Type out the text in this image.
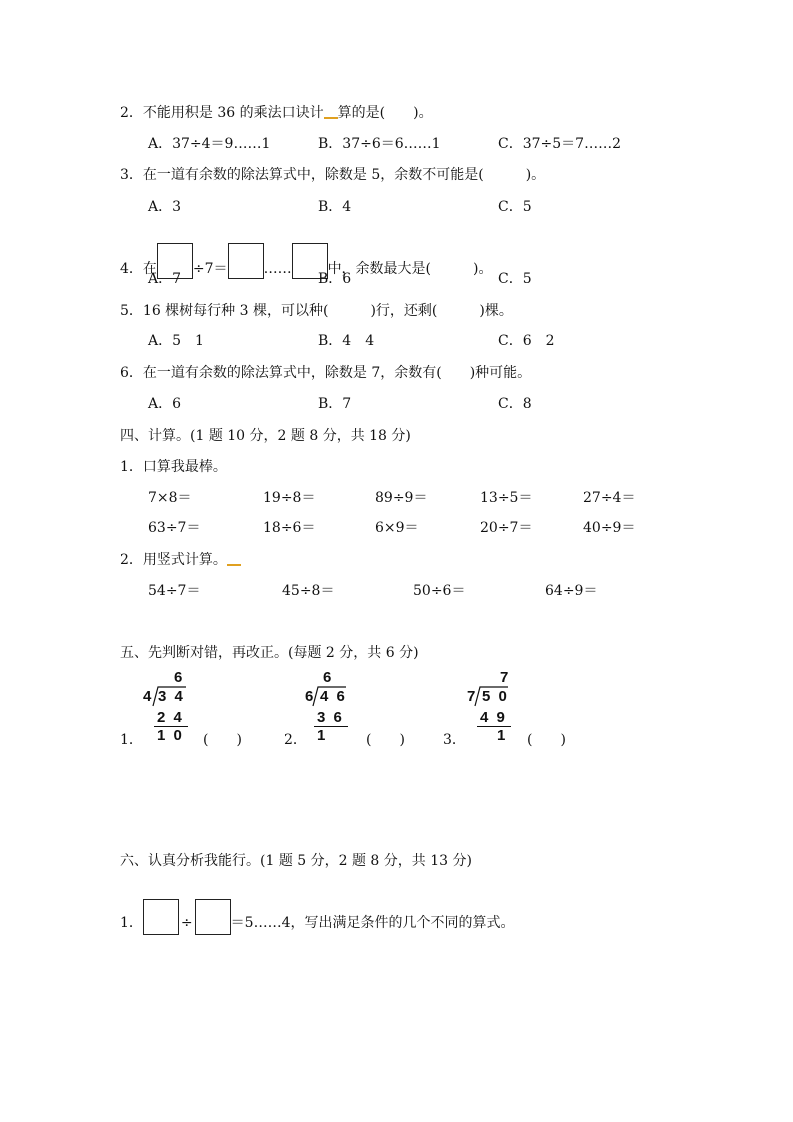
2．不能用积是 36 的乘法口诀计 算的是(　　)。
A．37÷4＝9……1	B．37÷6＝6……1	C．37÷5＝7……2
3．在一道有余数的除法算式中，除数是 5，余数不可能是(　　　)。
A．3	B．4	C．5
4．在	÷7＝	……	中，余数最大是(　　　)。
A．7	B．6	C．5
5．16 棵树每行种 3 棵，可以种(　　　)行，还剩(　　　)棵。
A．5　1	B．4　4	C．6　2
6．在一道有余数的除法算式中，除数是 7，余数有(　　)种可能。
A．6	B．7	C．8
四、计算。(1 题 10 分，2 题 8 分，共 18 分)
1．口算我最棒。
7×8＝	19÷8＝	89÷9＝	13÷5＝	27÷4＝
63÷7＝	18÷6＝	6×9＝	20÷7＝	40÷9＝
2．用竖式计算。
54÷7＝	45÷8＝	50÷6＝	64÷9＝
五、先判断对错，再改正。(每题 2 分，共 6 分)
6
4 3 4
2 4
1 0
1．	(　　)
6
6 4 6
3 6
1
2．	(　　)
7
7 5 0
4 9
1
3．	(　　)
六、认真分析我能行。(1 题 5 分，2 题 8 分，共 13 分)
1．	÷	＝5……4，写出满足条件的几个不同的算式。
